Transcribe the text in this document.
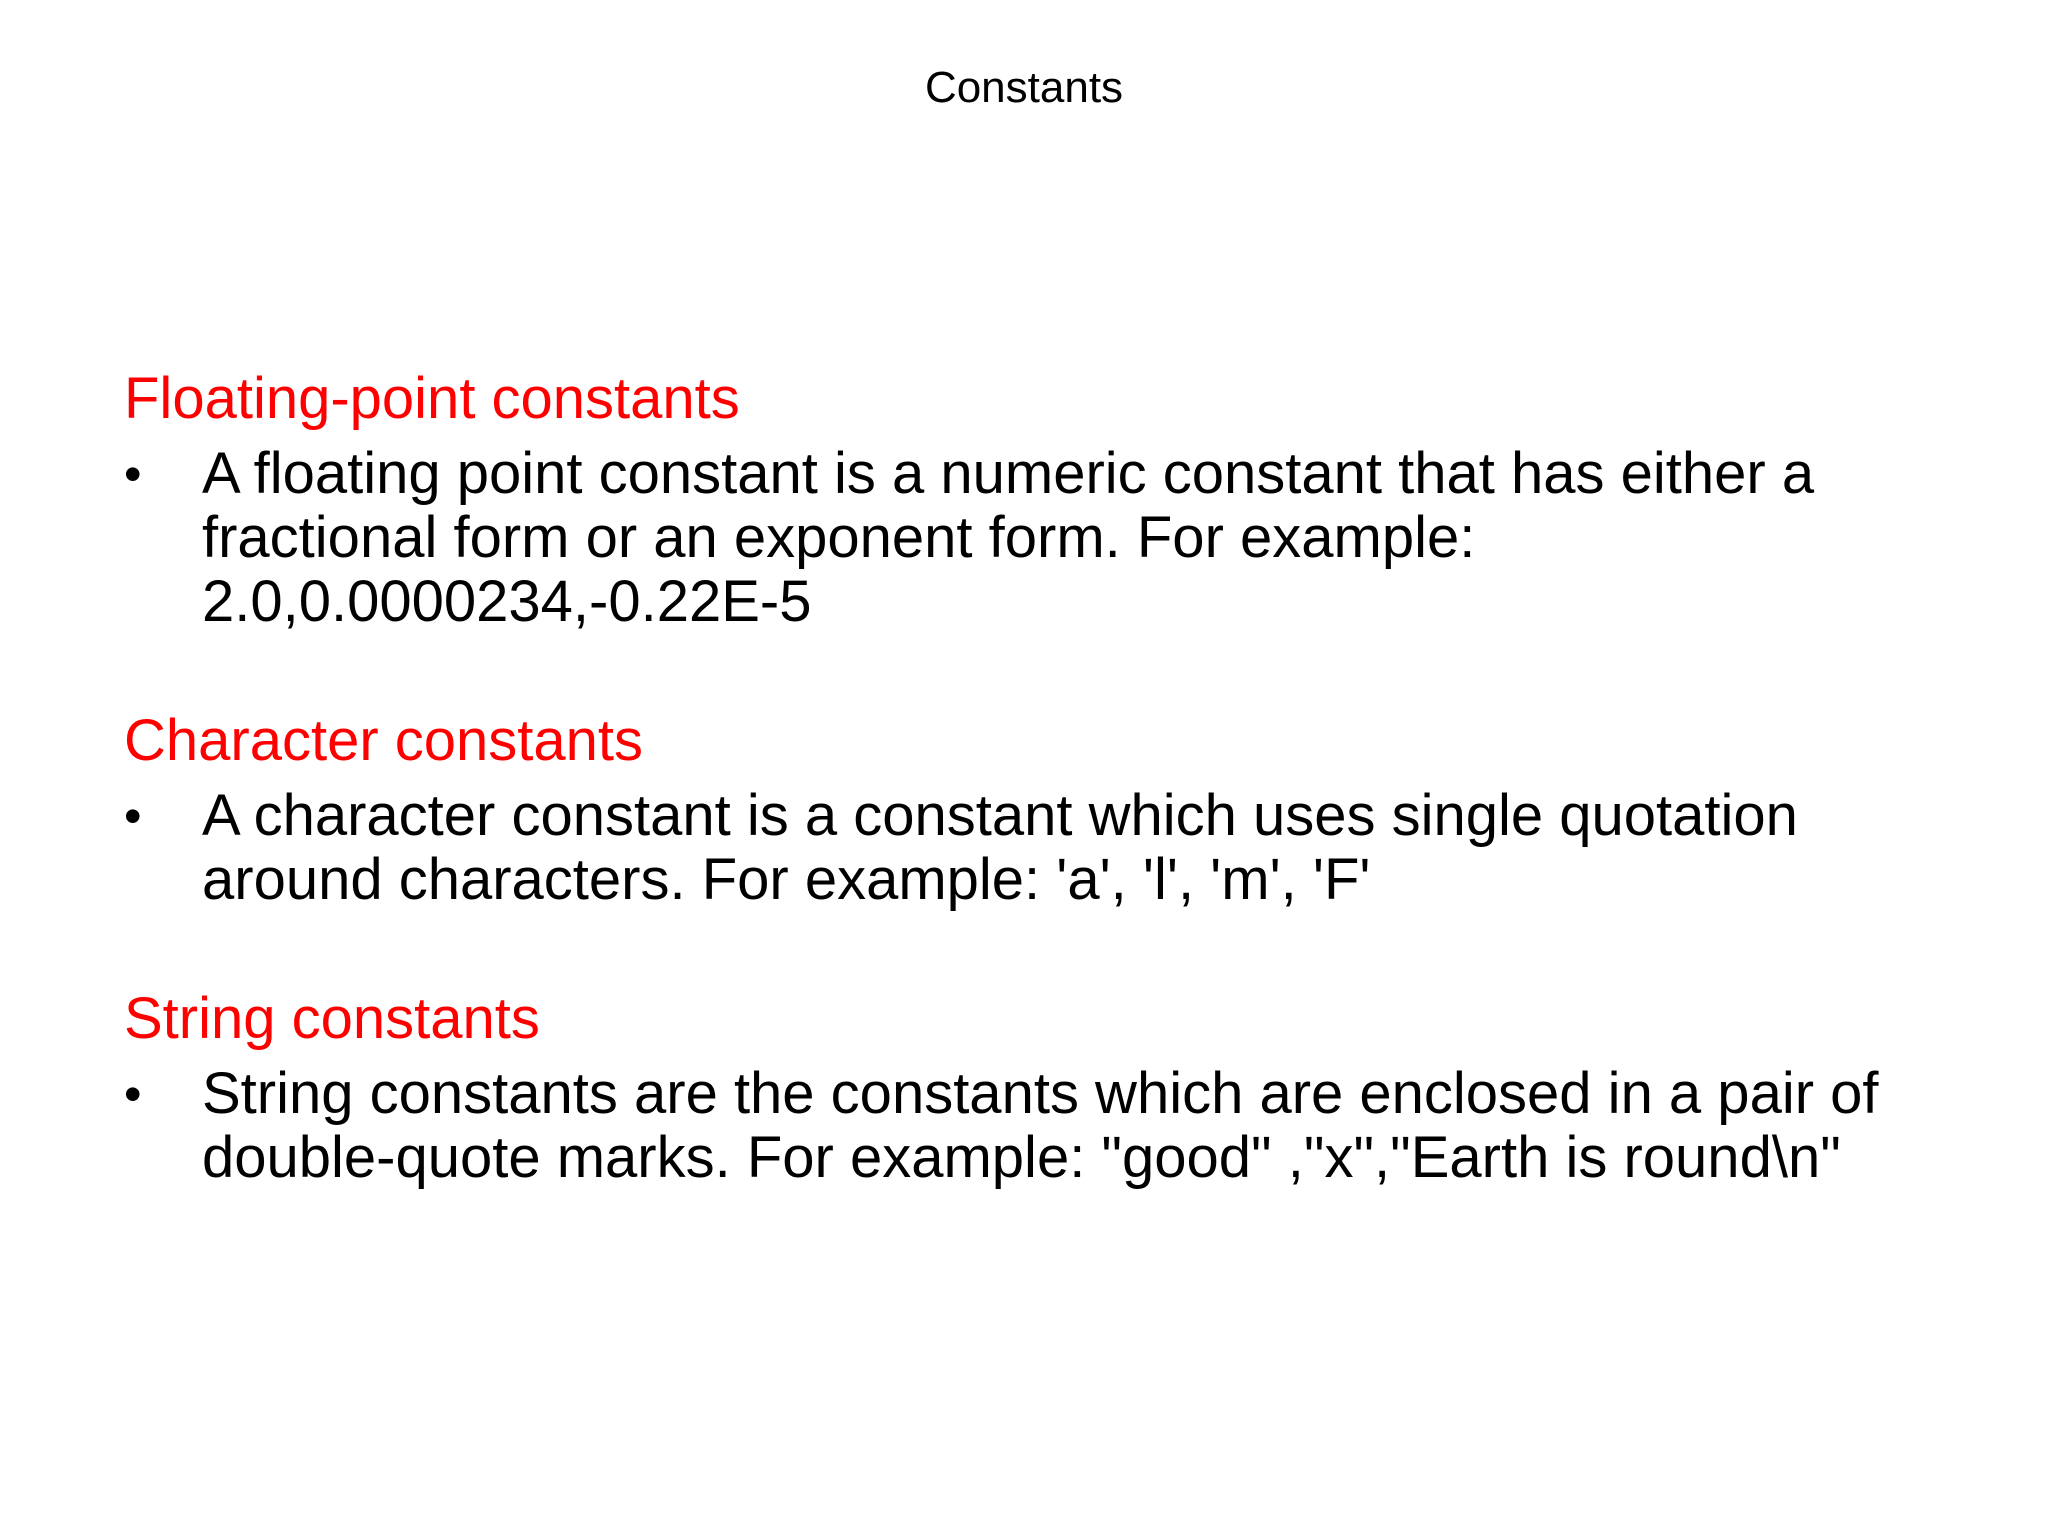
Constants
Floating-point constants
•	A floating point constant is a numeric constant that has either a fractional form or an exponent form. For example: 2.0,0.0000234,-0.22E-5
Character constants
•	A character constant is a constant which uses single quotation around characters. For example: 'a', 'l', 'm', 'F'
String constants
•	String constants are the constants which are enclosed in a pair of double-quote marks. For example: "good" ,"x","Earth is round\n"
